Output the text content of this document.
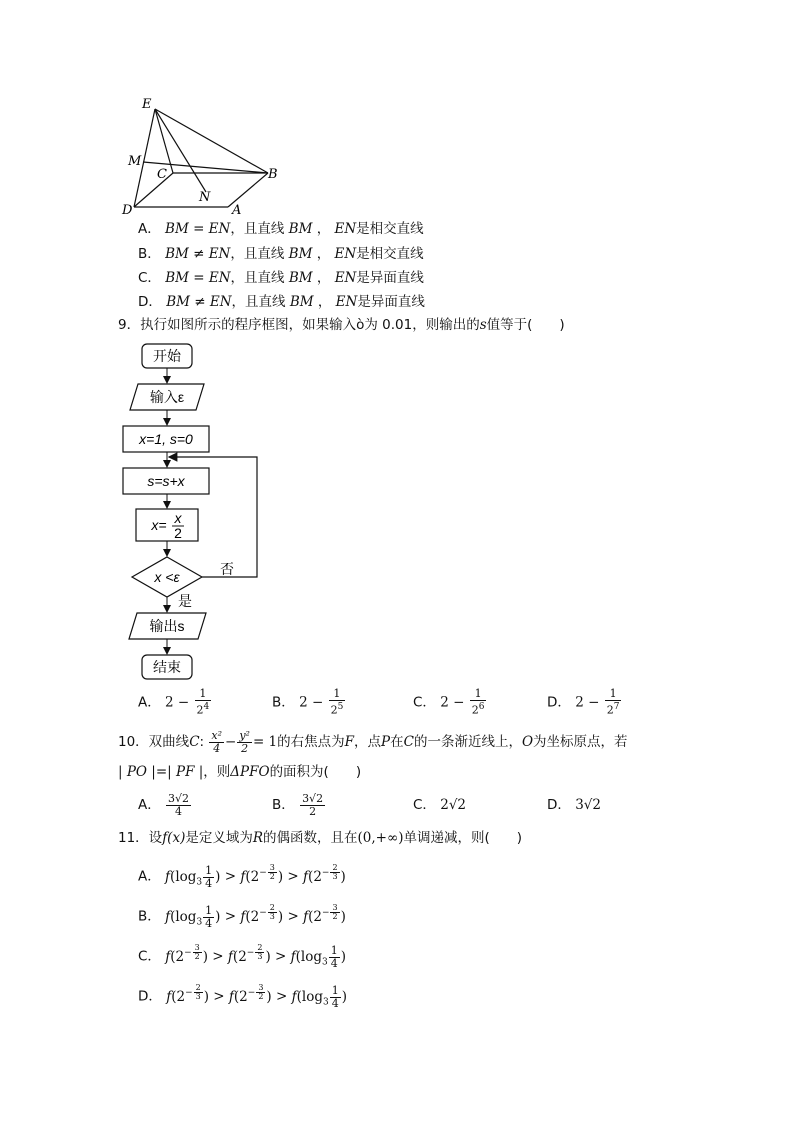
E
M
C
N
B
D	A
A． BM = EN，且直线 BM ， EN是相交直线
B． BM ≠ EN，且直线 BM ， EN是相交直线
C． BM = EN，且直线 BM ， EN是异面直线
D． BM ≠ EN，且直线 BM ， EN是异面直线
9．执行如图所示的程序框图，如果输入ò为 0.01，则输出的s值等于(　　)
开始
输入ε
x=1, s=0
s=s+x
x= x
2
x <ε	否
是
输出s
结束
A． $2 - \frac{1}{2^4}$	B． $2 - \frac{1}{2^5}$	C． $2 - \frac{1}{2^6}$	D． $2 - \frac{1}{2^7}$
10．双曲线C: $\frac{\text{x²}}{4} - \frac{\text{y²}}{2} = 1$的右焦点为F，点P在C的一条渐近线上，O为坐标原点，若
| PO |=| PF |，则ΔPFO的面积为(　　)
A． $\frac{3√2}{4}$	B． $\frac{3√2}{2}$	C． 2√2	D． 3√2
11．设f(x)是定义域为R的偶函数，且在(0,+∞)单调递减，则(　　)
A． $f(\log_3 \frac{1}{4}$ ) > $f(2^{- \frac{3}{2}}$ ) > $f(2^{- \frac{2}{3}}$ )
B． $f(\log_3 \frac{1}{4}$ ) > $f(2^{- \frac{2}{3}}$ ) > $f(2^{- \frac{3}{2}}$ )
C． $f(2^{- \frac{3}{2}}$ ) > $f(2^{- \frac{2}{3}}$ ) > $f(\log_3 \frac{1}{4}$ )
D． $f(2^{- \frac{2}{3}}$ ) > $f(2^{- \frac{3}{2}}$ ) > $f(\log_3 \frac{1}{4}$ )
